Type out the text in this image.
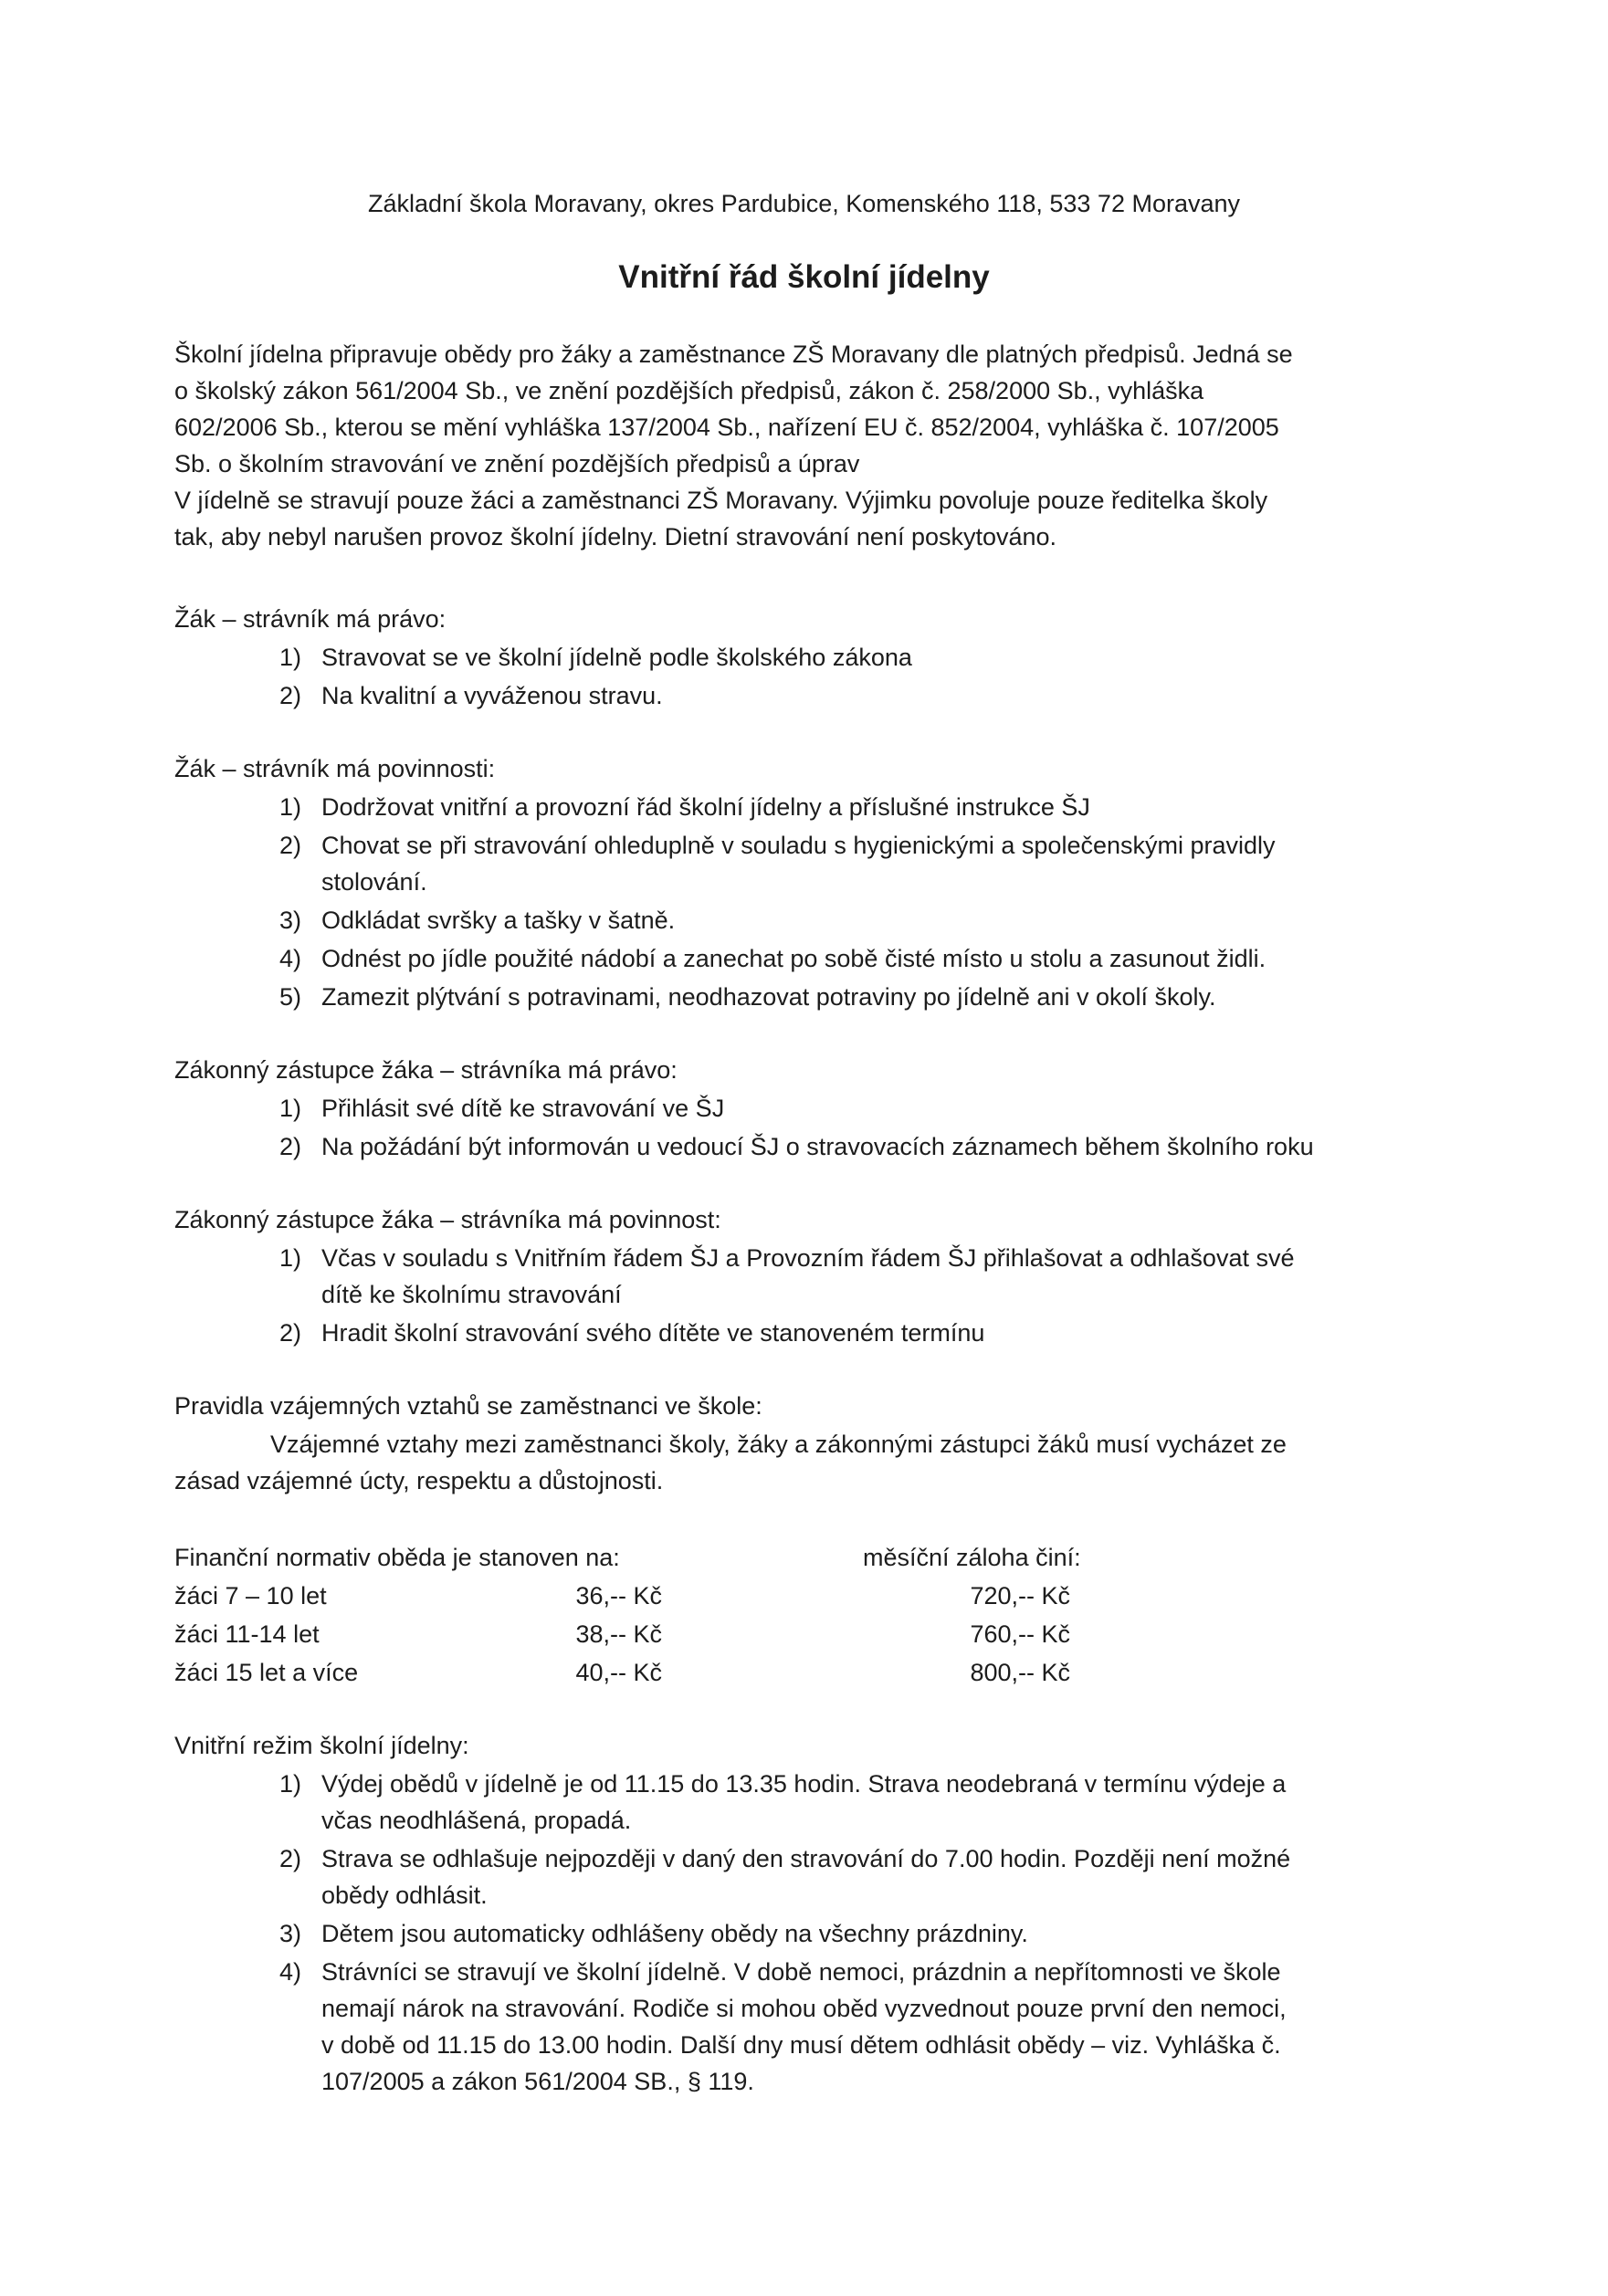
Základní škola Moravany, okres Pardubice, Komenského 118, 533 72 Moravany
Vnitřní řád školní jídelny
Školní jídelna připravuje obědy pro žáky a zaměstnance ZŠ Moravany dle platných předpisů. Jedná se
o školský zákon 561/2004 Sb., ve znění pozdějších předpisů, zákon č. 258/2000 Sb., vyhláška
602/2006 Sb., kterou se mění vyhláška 137/2004 Sb., nařízení EU č. 852/2004, vyhláška č. 107/2005
Sb. o školním stravování ve znění pozdějších předpisů a úprav
V jídelně se stravují pouze žáci a zaměstnanci ZŠ Moravany. Výjimku povoluje pouze ředitelka školy
tak, aby nebyl narušen provoz školní jídelny. Dietní stravování není poskytováno.
Žák – strávník má právo:
1) Stravovat se ve školní jídelně podle školského zákona
2) Na kvalitní a vyváženou stravu.
Žák – strávník má povinnosti:
1) Dodržovat vnitřní a provozní řád školní jídelny a příslušné instrukce ŠJ
2) Chovat se při stravování ohleduplně v souladu s hygienickými a společenskými pravidly
stolování.
3) Odkládat svršky a tašky v šatně.
4) Odnést po jídle použité nádobí a zanechat po sobě čisté místo u stolu a zasunout židli.
5) Zamezit plýtvání s potravinami, neodhazovat potraviny po jídelně ani v okolí školy.
Zákonný zástupce žáka – strávníka má právo:
1) Přihlásit své dítě ke stravování ve ŠJ
2) Na požádání být informován u vedoucí ŠJ o stravovacích záznamech během školního roku
Zákonný zástupce žáka – strávníka má povinnost:
1) Včas v souladu s Vnitřním řádem ŠJ a Provozním řádem ŠJ přihlašovat a odhlašovat své
dítě ke školnímu stravování
2) Hradit školní stravování svého dítěte ve stanoveném termínu
Pravidla vzájemných vztahů se zaměstnanci ve škole:
Vzájemné vztahy mezi zaměstnanci školy, žáky a zákonnými zástupci žáků musí vycházet ze
zásad vzájemné úcty, respektu a důstojnosti.
Finanční normativ oběda je stanoven na:	měsíční záloha činí:
žáci 7 – 10 let	36,-- Kč	720,-- Kč
žáci 11-14 let	38,-- Kč	760,-- Kč
žáci 15 let a více	40,-- Kč	800,-- Kč
Vnitřní režim školní jídelny:
1) Výdej obědů v jídelně je od 11.15 do 13.35 hodin. Strava neodebraná v termínu výdeje a
včas neodhlášená, propadá.
2) Strava se odhlašuje nejpozději v daný den stravování do 7.00 hodin. Později není možné
obědy odhlásit.
3) Dětem jsou automaticky odhlášeny obědy na všechny prázdniny.
4) Strávníci se stravují ve školní jídelně. V době nemoci, prázdnin a nepřítomnosti ve škole
nemají nárok na stravování. Rodiče si mohou oběd vyzvednout pouze první den nemoci,
v době od 11.15 do 13.00 hodin. Další dny musí dětem odhlásit obědy – viz. Vyhláška č.
107/2005 a zákon 561/2004 SB., § 119.
